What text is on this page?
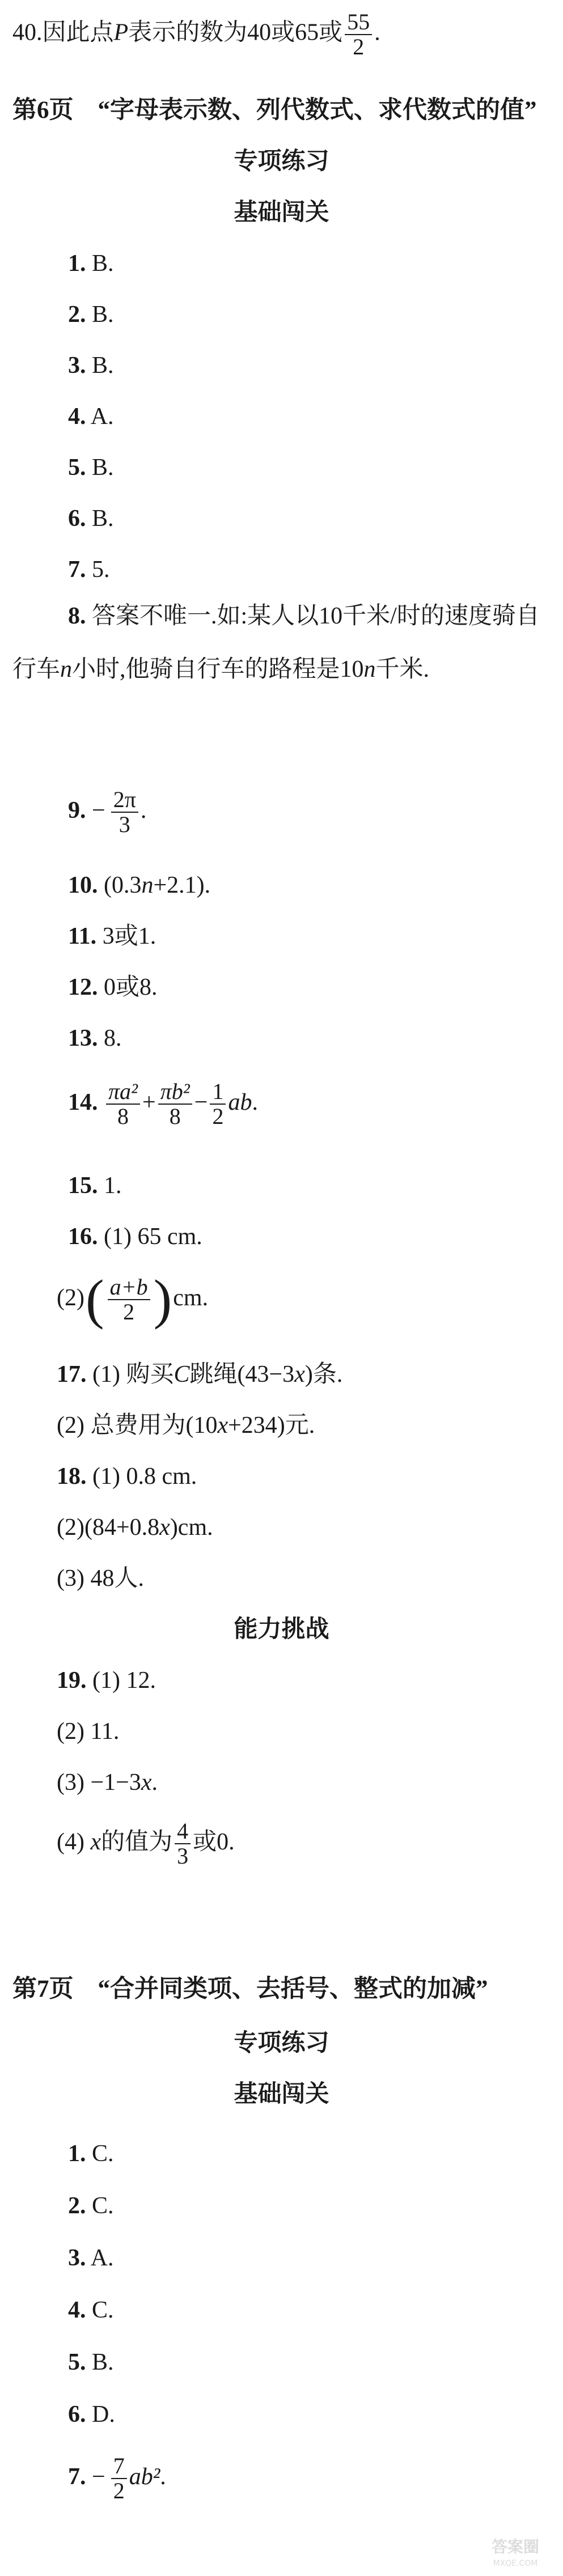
40.因此点P表示的数为40或65或 $\frac{55}{2}$ .
第6页　“字母表示数、列代数式、求代数式的值”
专项练习
基础闯关
1. B.
2. B.
3. B.
4. A.
5. B.
6. B.
7. 5.
8. 答案不唯一.如:某人以10千米/时的速度骑自行车n小时,他骑自行车的路程是10n千米.
9. − $\frac{2\pi}{3}$ .
10. (0.3n+2.1).
11. 3或1.
12. 0或8.
13. 8.
14. $\frac{\text{πa²}}{8} + \frac{\text{πb²}}{8} - \frac{1}{2}$ ab.
15. 1.
16. (1) 65 cm.
$(2)( \frac{a+b}{2} )cm$.
17. (1) 购买C跳绳(43−3x)条.
(2) 总费用为(10x+234)元.
18. (1) 0.8 cm.
(2)(84+0.8x)cm.
(3) 48人.
能力挑战
19. (1) 12.
(2) 11.
(3) −1−3x.
(4) x的值为 $\frac{4}{3}$ 或0.
第7页　“合并同类项、去括号、整式的加减”
专项练习
基础闯关
1. C.
2. C.
3. A.
4. C.
5. B.
6. D.
7. − $\frac{7}{2} ab^2$.
答案圈
MXQE.COM
